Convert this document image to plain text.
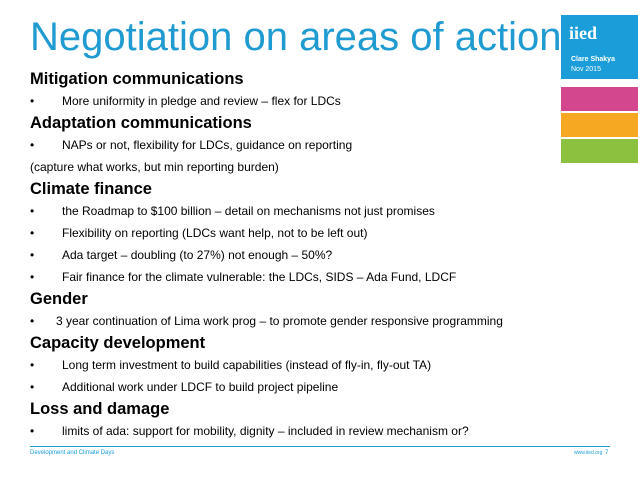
Negotiation on areas of action iied
Clare Shakya
Nov 2015
Mitigation communications
• More uniformity in pledge and review – flex for LDCs
Adaptation communications
• NAPs or not, flexibility for LDCs, guidance on reporting
(capture what works, but min reporting burden)
Climate finance
• the Roadmap to $100 billion – detail on mechanisms not just promises
• Flexibility on reporting (LDCs want help, not to be left out)
• Ada target – doubling (to 27%) not enough – 50%?
• Fair finance for the climate vulnerable: the LDCs, SIDS – Ada Fund, LDCF
Gender
• 3 year continuation of Lima work prog – to promote gender responsive programming
Capacity development
• Long term investment to build capabilities (instead of fly-in, fly-out TA)
• Additional work under LDCF to build project pipeline
Loss and damage
• limits of ada: support for mobility, dignity – included in review mechanism or?
Development and Climate Days	www.iied.org 7
